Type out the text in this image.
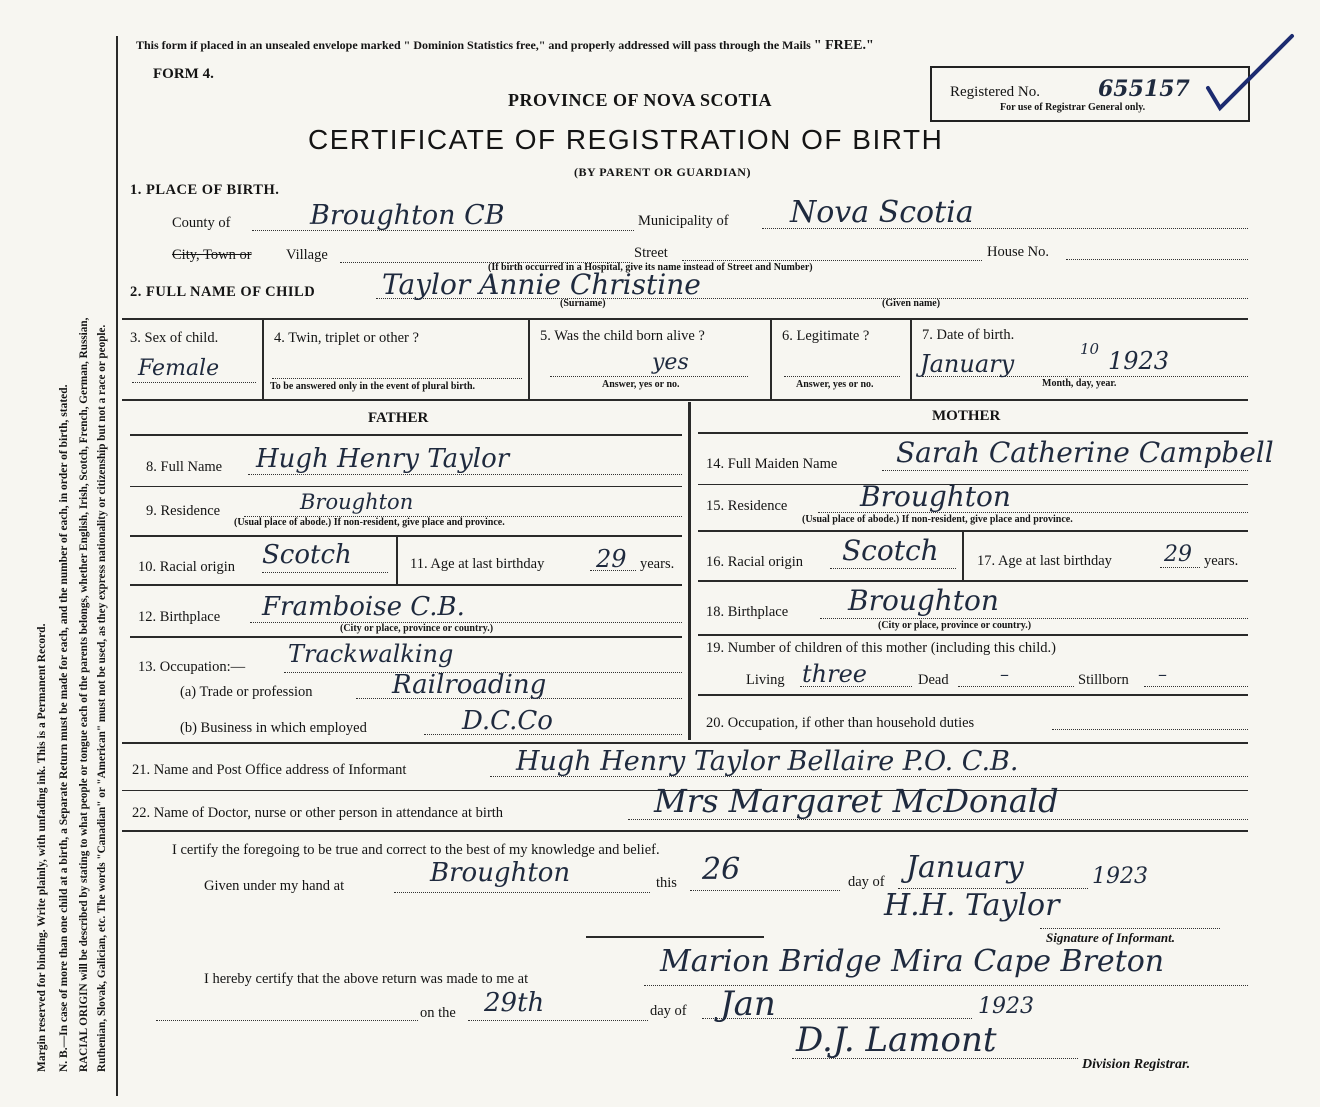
Margin reserved for binding. Write plainly, with unfading ink. This is a Permanent Record. N. B.—In case of more than one child at a birth, a Separate Return must be made for each, and the number of each, in order of birth, stated. RACIAL ORIGIN will be described by stating to what people or tongue each of the parents belongs, whether English, Irish, Scotch, French, German, Russian, Ruthenian, Slovak, Galician, etc. The words "Canadian" or "American" must not be used, as they express nationality or citizenship but not a race or people.
This form if placed in an unsealed envelope marked " Dominion Statistics free," and properly addressed will pass through the Mails " FREE."
FORM 4.
Registered No.	655157
For use of Registrar General only.
PROVINCE OF NOVA SCOTIA
CERTIFICATE OF REGISTRATION OF BIRTH
(BY PARENT OR GUARDIAN)
1. PLACE OF BIRTH.
County of	Broughton CB	Municipality of Nova Scotia
City, Town or Village	Street	House No.
(If birth occurred in a Hospital, give its name instead of Street and Number)
2. FULL NAME OF CHILD Taylor Annie Christine
(Surname)	(Given name)
3. Sex of child.
Female
4. Twin, triplet or other ?
To be answered only in the event of plural birth.
5. Was the child born alive ?
yes
Answer, yes or no.
6. Legitimate ?
Answer, yes or no.
7. Date of birth.
January
10 1923
Month, day, year.
FATHER	MOTHER
8. Full Name Hugh Henry Taylor
9. Residence	Broughton
(Usual place of abode.) If non-resident, give place and province.
10. Racial origin Scotch	11. Age at last birthday 29 years.
12. Birthplace Framboise C.B.
(City or place, province or country.)
13. Occupation:— Trackwalking
(a) Trade or profession	Railroading
(b) Business in which employed	D.C.Co
14. Full Maiden Name Sarah Catherine Campbell
15. Residence	Broughton
(Usual place of abode.) If non-resident, give place and province.
16. Racial origin Scotch	17. Age at last birthday 29 years.
18. Birthplace Broughton
(City or place, province or country.)
19. Number of children of this mother (including this child.)
Living three	Dead	–	Stillborn –
20. Occupation, if other than household duties
21. Name and Post Office address of Informant	Hugh Henry Taylor Bellaire P.O. C.B.
22. Name of Doctor, nurse or other person in attendance at birth	Mrs Margaret McDonald
I certify the foregoing to be true and correct to the best of my knowledge and belief.
Given under my hand at	Broughton	this 26	day of January	1923
H.H. Taylor
Signature of Informant.
I hereby certify that the above return was made to me at	Marion Bridge Mira Cape Breton
on the 29th	day of Jan	1923
D.J. Lamont
Division Registrar.
